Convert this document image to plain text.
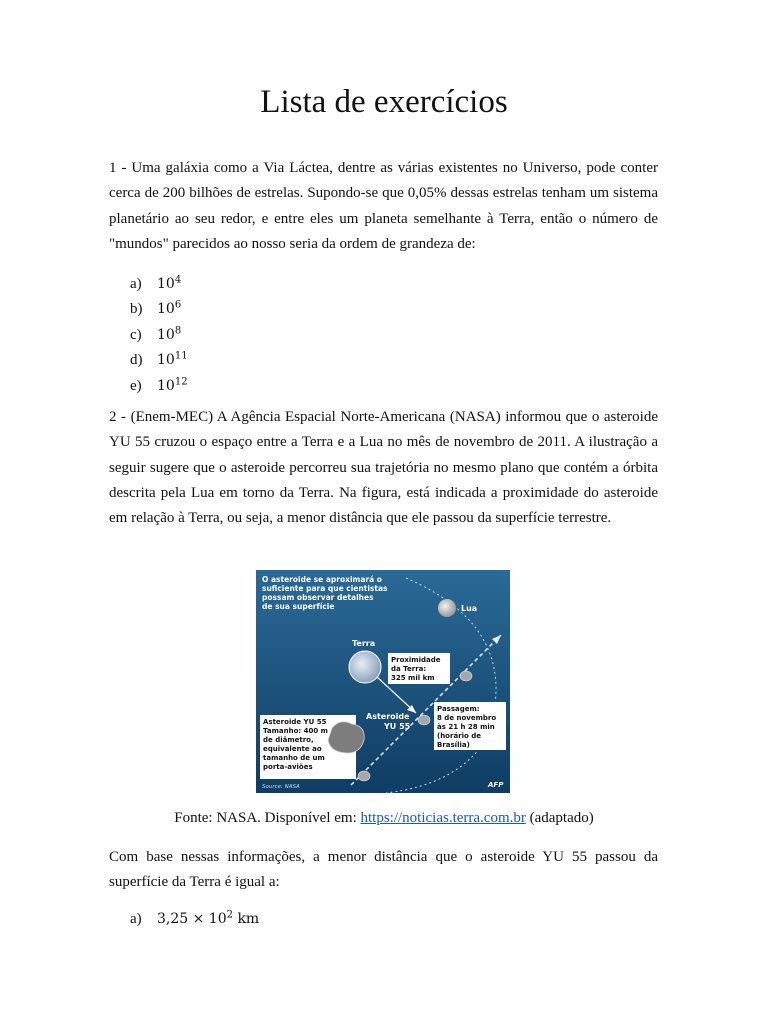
Lista de exercícios

1 - Uma galáxia como a Via Láctea, dentre as várias existentes no Universo, pode conter cerca de 200 bilhões de estrelas. Supondo-se que 0,05% dessas estrelas tenham um sistema planetário ao seu redor, e entre eles um planeta semelhante à Terra, então o número de "mundos" parecidos ao nosso seria da ordem de grandeza de:

a) $10^4$
b) $10^6$
c) $10^8$
d) $10^{11}$
e) $10^{12}$

2 - (Enem-MEC) A Agência Espacial Norte-Americana (NASA) informou que o asteroide YU 55 cruzou o espaço entre a Terra e a Lua no mês de novembro de 2011. A ilustração a seguir sugere que o asteroide percorreu sua trajetória no mesmo plano que contém a órbita descrita pela Lua em torno da Terra. Na figura, está indicada a proximidade do asteroide em relação à Terra, ou seja, a menor distância que ele passou da superfície terrestre.

O asteroide se aproximará o
suficiente para que cientistas
possam observar detalhes
de sua superfície	Lua
Terra
Proximidade
da Terra:
325 mil km
Asteroide
YU 55
Passagem:
8 de novembro
às 21 h 28 min
(horário de
Brasília)
Asteroide YU 55
Tamanho: 400 m
de diâmetro,
equivalente ao
tamanho de um
porta-aviões
Source: NASA	AFP
Fonte: NASA. Disponível em: https://noticias.terra.com.br (adaptado)

Com base nessas informações, a menor distância que o asteroide YU 55 passou da superfície da Terra é igual a:

a) $3,25 \times 10^2$ km
